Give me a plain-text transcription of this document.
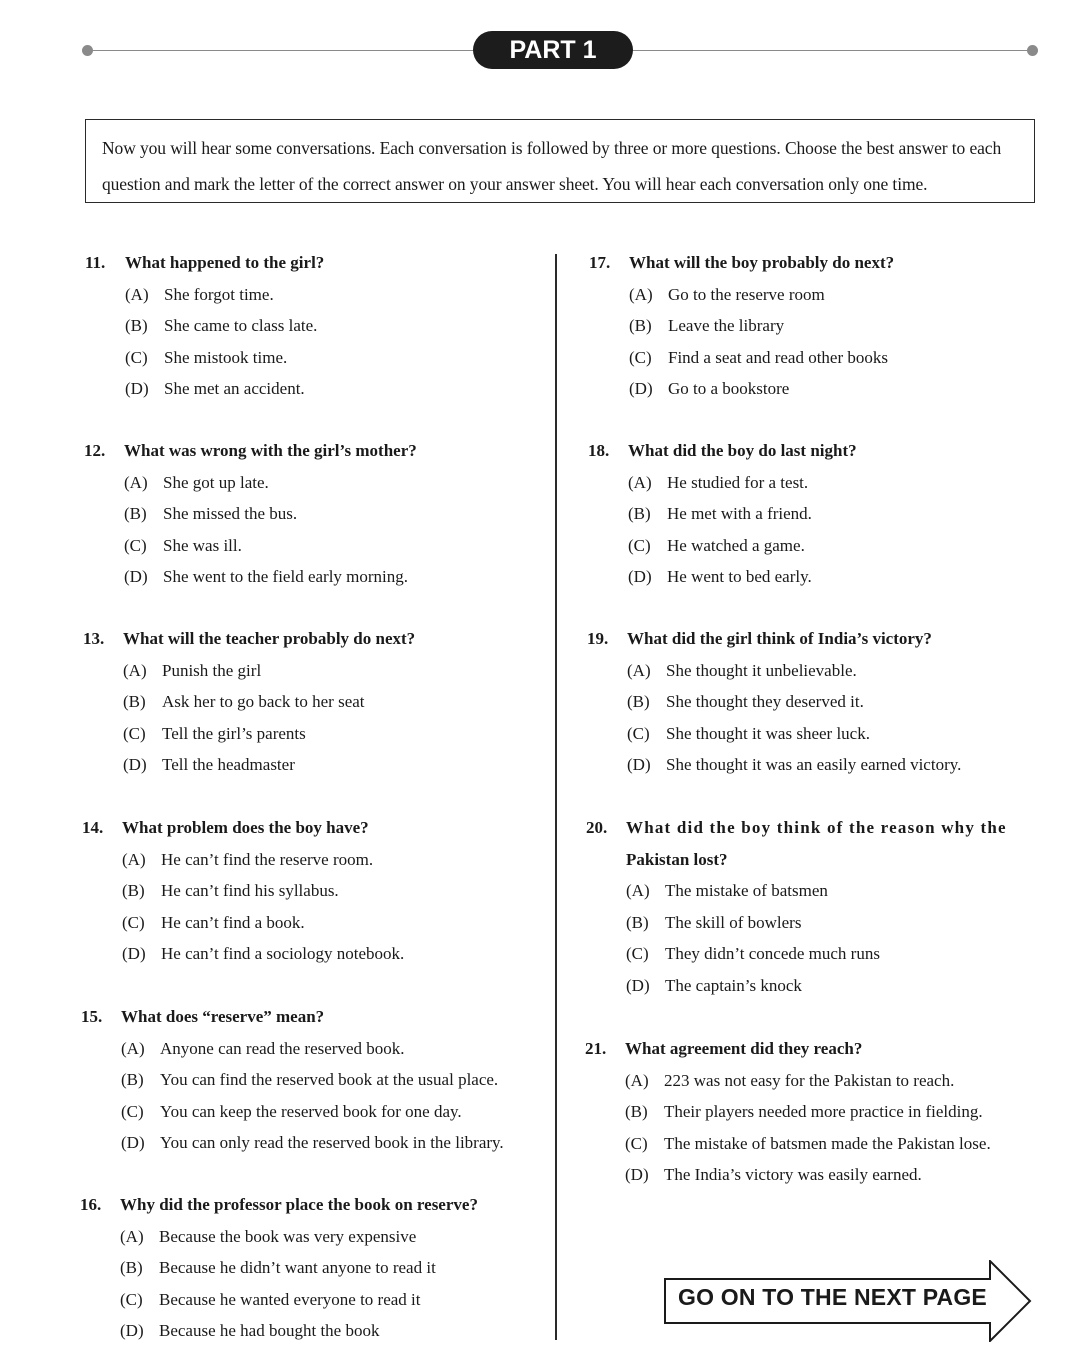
PART 1
Now you will hear some conversations. Each conversation is followed by three or more questions. Choose the best answer to each question and mark the letter of the correct answer on your answer sheet. You will hear each conversation only one time.
11. What happened to the girl?
(A) She forgot time.
(B) She came to class late.
(C) She mistook time.
(D) She met an accident.
12. What was wrong with the girl’s mother?
(A) She got up late.
(B) She missed the bus.
(C) She was ill.
(D) She went to the field early morning.
13. What will the teacher probably do next?
(A) Punish the girl
(B) Ask her to go back to her seat
(C) Tell the girl’s parents
(D) Tell the headmaster
14. What problem does the boy have?
(A) He can’t find the reserve room.
(B) He can’t find his syllabus.
(C) He can’t find a book.
(D) He can’t find a sociology notebook.
15. What does “reserve” mean?
(A) Anyone can read the reserved book.
(B) You can find the reserved book at the usual place.
(C) You can keep the reserved book for one day.
(D) You can only read the reserved book in the library.
16. Why did the professor place the book on reserve?
(A) Because the book was very expensive
(B) Because he didn’t want anyone to read it
(C) Because he wanted everyone to read it
(D) Because he had bought the book
17. What will the boy probably do next?
(A) Go to the reserve room
(B) Leave the library
(C) Find a seat and read other books
(D) Go to a bookstore
18. What did the boy do last night?
(A) He studied for a test.
(B) He met with a friend.
(C) He watched a game.
(D) He went to bed early.
19. What did the girl think of India’s victory?
(A) She thought it unbelievable.
(B) She thought they deserved it.
(C) She thought it was sheer luck.
(D) She thought it was an easily earned victory.
20. What did the boy think of the reason why the
Pakistan lost?
(A) The mistake of batsmen
(B) The skill of bowlers
(C) They didn’t concede much runs
(D) The captain’s knock
21. What agreement did they reach?
(A) 223 was not easy for the Pakistan to reach.
(B) Their players needed more practice in fielding.
(C) The mistake of batsmen made the Pakistan lose.
(D) The India’s victory was easily earned.
GO ON TO THE NEXT PAGE
